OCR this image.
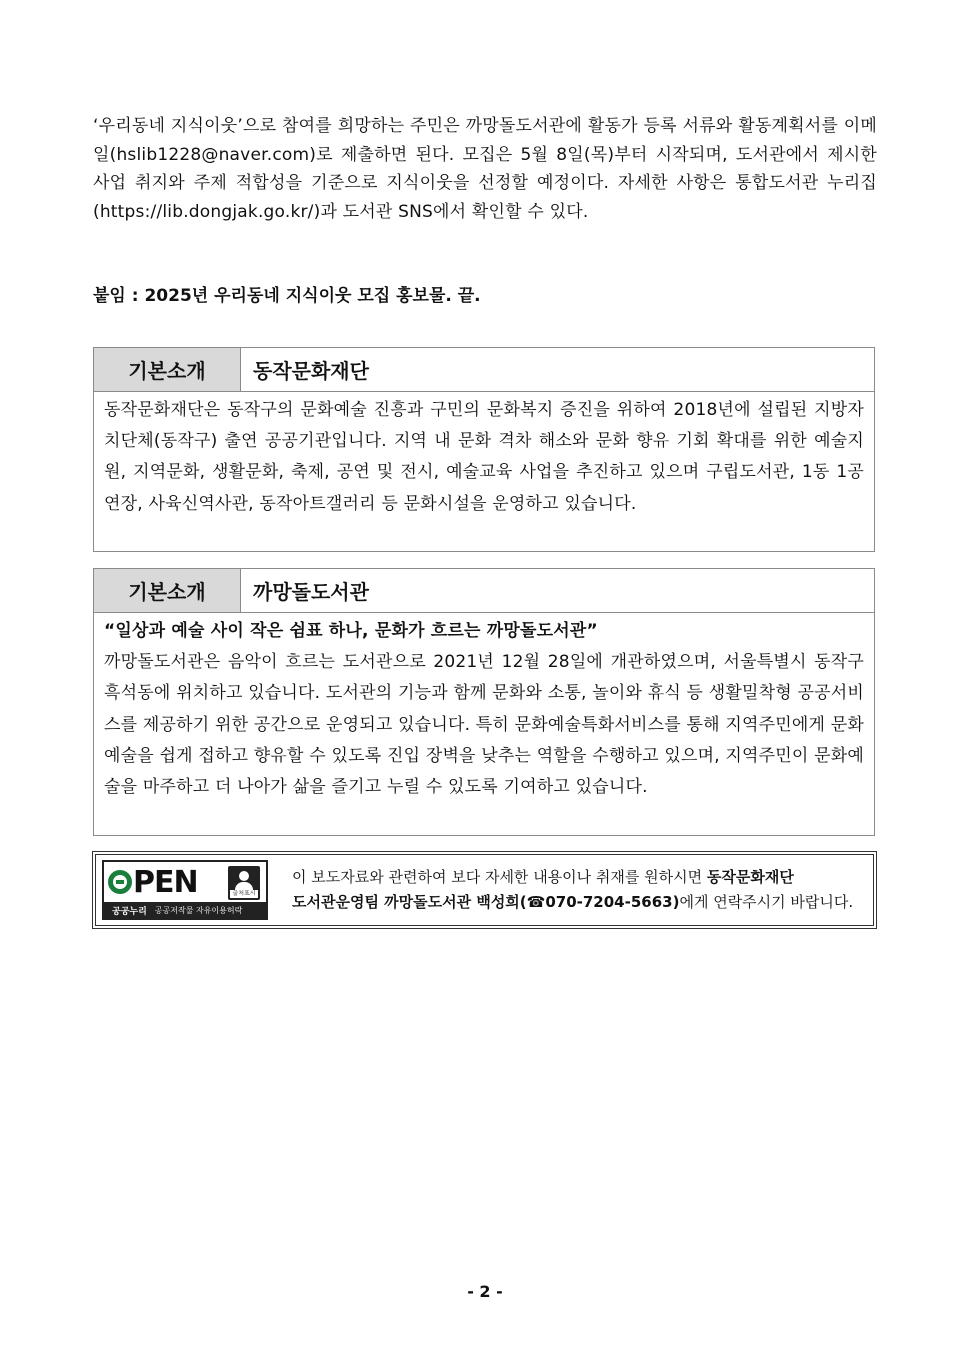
‘우리동네 지식이웃’으로 참여를 희망하는 주민은 까망돌도서관에 활동가 등록 서류와 활동계획서를 이메일(hslib1228@naver.com)로 제출하면 된다. 모집은 5월 8일(목)부터 시작되며, 도서관에서 제시한 사업 취지와 주제 적합성을 기준으로 지식이웃을 선정할 예정이다. 자세한 사항은 통합도서관 누리집(https://lib.dongjak.go.kr/)과 도서관 SNS에서 확인할 수 있다.

붙임 : 2025년 우리동네 지식이웃 모집 홍보물. 끝.

기본소개	동작문화재단
동작문화재단은 동작구의 문화예술 진흥과 구민의 문화복지 증진을 위하여 2018년에 설립된 지방자치단체(동작구) 출연 공공기관입니다. 지역 내 문화 격차 해소와 문화 향유 기회 확대를 위한 예술지원, 지역문화, 생활문화, 축제, 공연 및 전시, 예술교육 사업을 추진하고 있으며 구립도서관, 1동 1공연장, 사육신역사관, 동작아트갤러리 등 문화시설을 운영하고 있습니다.
기본소개	까망돌도서관
“일상과 예술 사이 작은 쉼표 하나, 문화가 흐르는 까망돌도서관”
까망돌도서관은 음악이 흐르는 도서관으로 2021년 12월 28일에 개관하였으며, 서울특별시 동작구 흑석동에 위치하고 있습니다. 도서관의 기능과 함께 문화와 소통, 놀이와 휴식 등 생활밀착형 공공서비스를 제공하기 위한 공간으로 운영되고 있습니다. 특히 문화예술특화서비스를 통해 지역주민에게 문화예술을 쉽게 접하고 향유할 수 있도록 진입 장벽을 낮추는 역할을 수행하고 있으며, 지역주민이 문화예술을 마주하고 더 나아가 삶을 즐기고 누릴 수 있도록 기여하고 있습니다.
PEN	출처표시
공공누리 공공저작물 자유이용허락
이 보도자료와 관련하여 보다 자세한 내용이나 취재를 원하시면 동작문화재단
도서관운영팀 까망돌도서관 백성희(☎070-7204-5663)에게 연락주시기 바랍니다.
- 2 -
